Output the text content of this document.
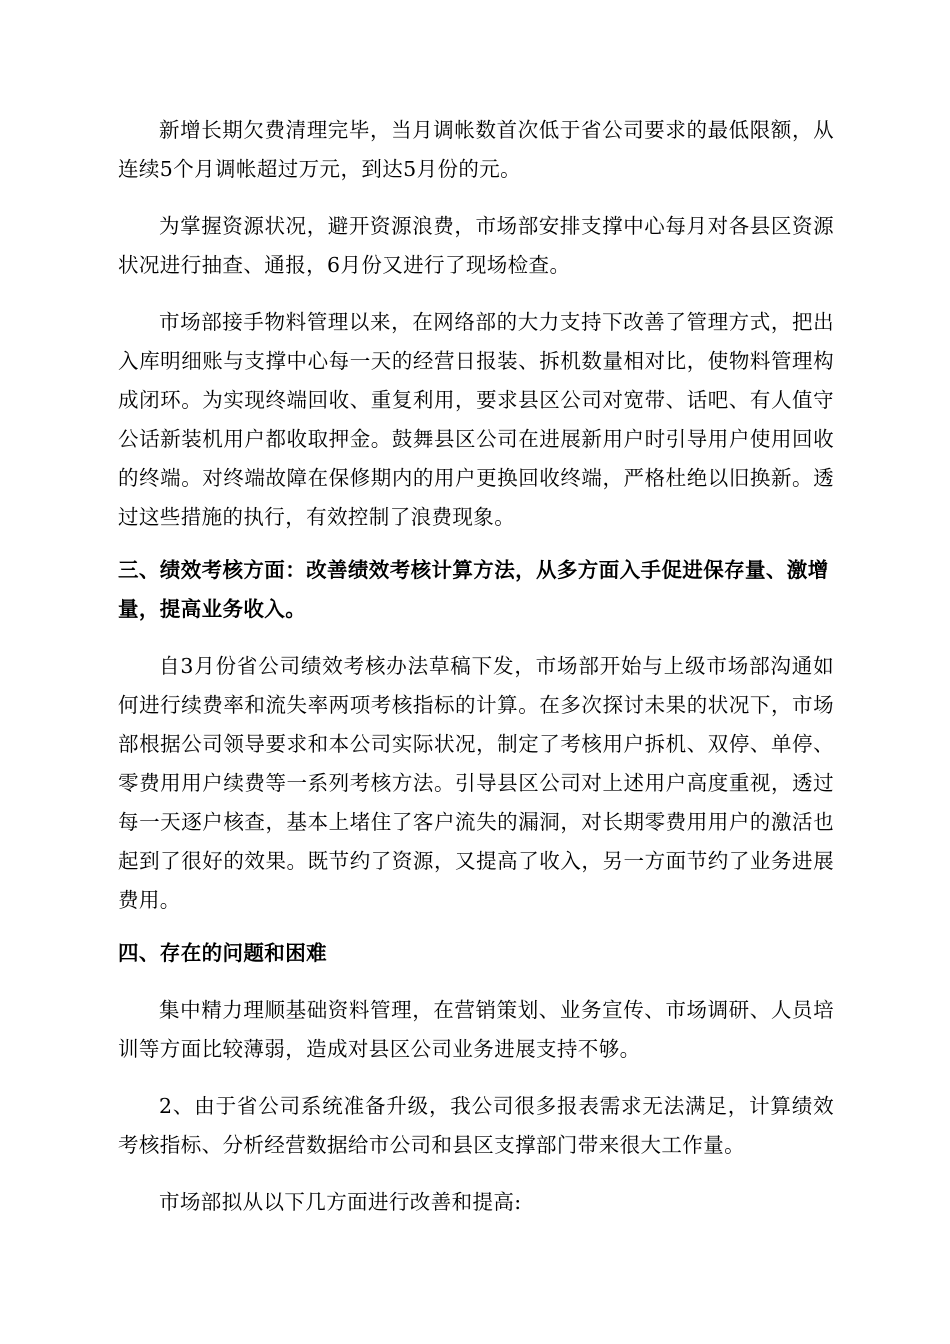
新增长期欠费清理完毕，当月调帐数首次低于省公司要求的最低限额，从连续5个月调帐超过万元，到达5月份的元。

为掌握资源状况，避开资源浪费，市场部安排支撑中心每月对各县区资源状况进行抽查、通报，6月份又进行了现场检查。

市场部接手物料管理以来，在网络部的大力支持下改善了管理方式，把出入库明细账与支撑中心每一天的经营日报装、拆机数量相对比，使物料管理构成闭环。为实现终端回收、重复利用，要求县区公司对宽带、话吧、有人值守公话新装机用户都收取押金。鼓舞县区公司在进展新用户时引导用户使用回收的终端。对终端故障在保修期内的用户更换回收终端，严格杜绝以旧换新。透过这些措施的执行，有效控制了浪费现象。

三、绩效考核方面：改善绩效考核计算方法，从多方面入手促进保存量、激增量，提高业务收入。

自3月份省公司绩效考核办法草稿下发，市场部开始与上级市场部沟通如何进行续费率和流失率两项考核指标的计算。在多次探讨未果的状况下，市场部根据公司领导要求和本公司实际状况，制定了考核用户拆机、双停、单停、零费用用户续费等一系列考核方法。引导县区公司对上述用户高度重视，透过每一天逐户核查，基本上堵住了客户流失的漏洞，对长期零费用用户的激活也起到了很好的效果。既节约了资源，又提高了收入，另一方面节约了业务进展费用。

四、存在的问题和困难

集中精力理顺基础资料管理，在营销策划、业务宣传、市场调研、人员培训等方面比较薄弱，造成对县区公司业务进展支持不够。

2、由于省公司系统准备升级，我公司很多报表需求无法满足，计算绩效考核指标、分析经营数据给市公司和县区支撑部门带来很大工作量。

市场部拟从以下几方面进行改善和提高:
